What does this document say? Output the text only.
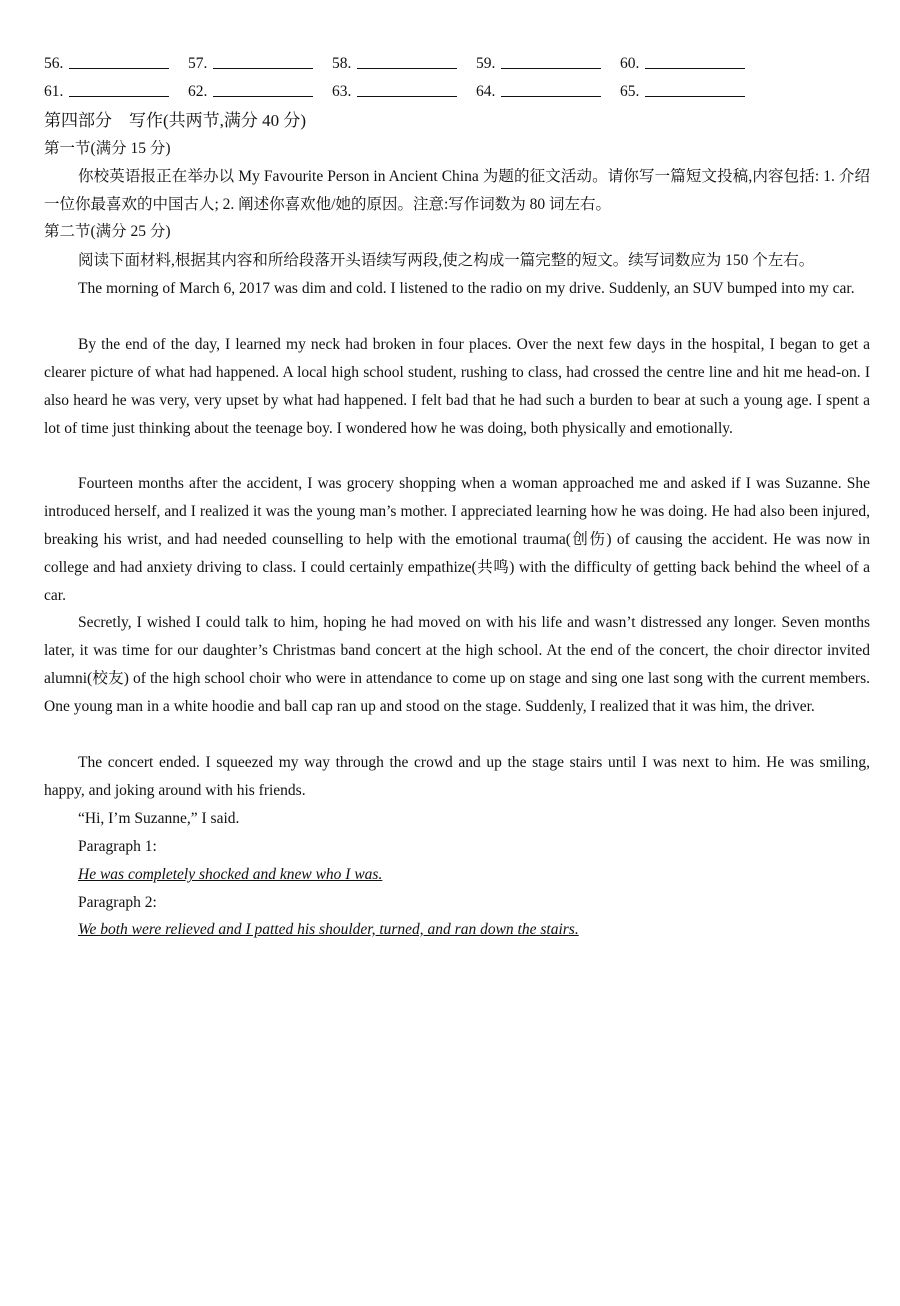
56.	57.	58.	59.	60.
61.	62.	63.	64.	65.
第四部分　写作(共两节,满分 40 分)
第一节(满分 15 分)
你校英语报正在举办以 My Favourite Person in Ancient China 为题的征文活动。请你写一篇短文投稿,内容包括: 1. 介绍一位你最喜欢的中国古人; 2. 阐述你喜欢他/她的原因。注意:写作词数为 80 词左右。
第二节(满分 25 分)
阅读下面材料,根据其内容和所给段落开头语续写两段,使之构成一篇完整的短文。续写词数应为 150 个左右。
The morning of March 6, 2017 was dim and cold. I listened to the radio on my drive. Suddenly, an SUV bumped into my car.
By the end of the day, I learned my neck had broken in four places. Over the next few days in the hospital, I began to get a clearer picture of what had happened. A local high school student, rushing to class, had crossed the centre line and hit me head-on. I also heard he was very, very upset by what had happened. I felt bad that he had such a burden to bear at such a young age. I spent a lot of time just thinking about the teenage boy. I wondered how he was doing, both physically and emotionally.
Fourteen months after the accident, I was grocery shopping when a woman approached me and asked if I was Suzanne. She introduced herself, and I realized it was the young man’s mother. I appreciated learning how he was doing. He had also been injured, breaking his wrist, and had needed counselling to help with the emotional trauma(创伤) of causing the accident. He was now in college and had anxiety driving to class. I could certainly empathize(共鸣) with the difficulty of getting back behind the wheel of a car.
Secretly, I wished I could talk to him, hoping he had moved on with his life and wasn’t distressed any longer. Seven months later, it was time for our daughter’s Christmas band concert at the high school. At the end of the concert, the choir director invited alumni(校友) of the high school choir who were in attendance to come up on stage and sing one last song with the current members. One young man in a white hoodie and ball cap ran up and stood on the stage. Suddenly, I realized that it was him, the driver.
The concert ended. I squeezed my way through the crowd and up the stage stairs until I was next to him. He was smiling, happy, and joking around with his friends.
“Hi, I’m Suzanne,” I said.
Paragraph 1:
He was completely shocked and knew who I was.
Paragraph 2:
We both were relieved and I patted his shoulder, turned, and ran down the stairs.
